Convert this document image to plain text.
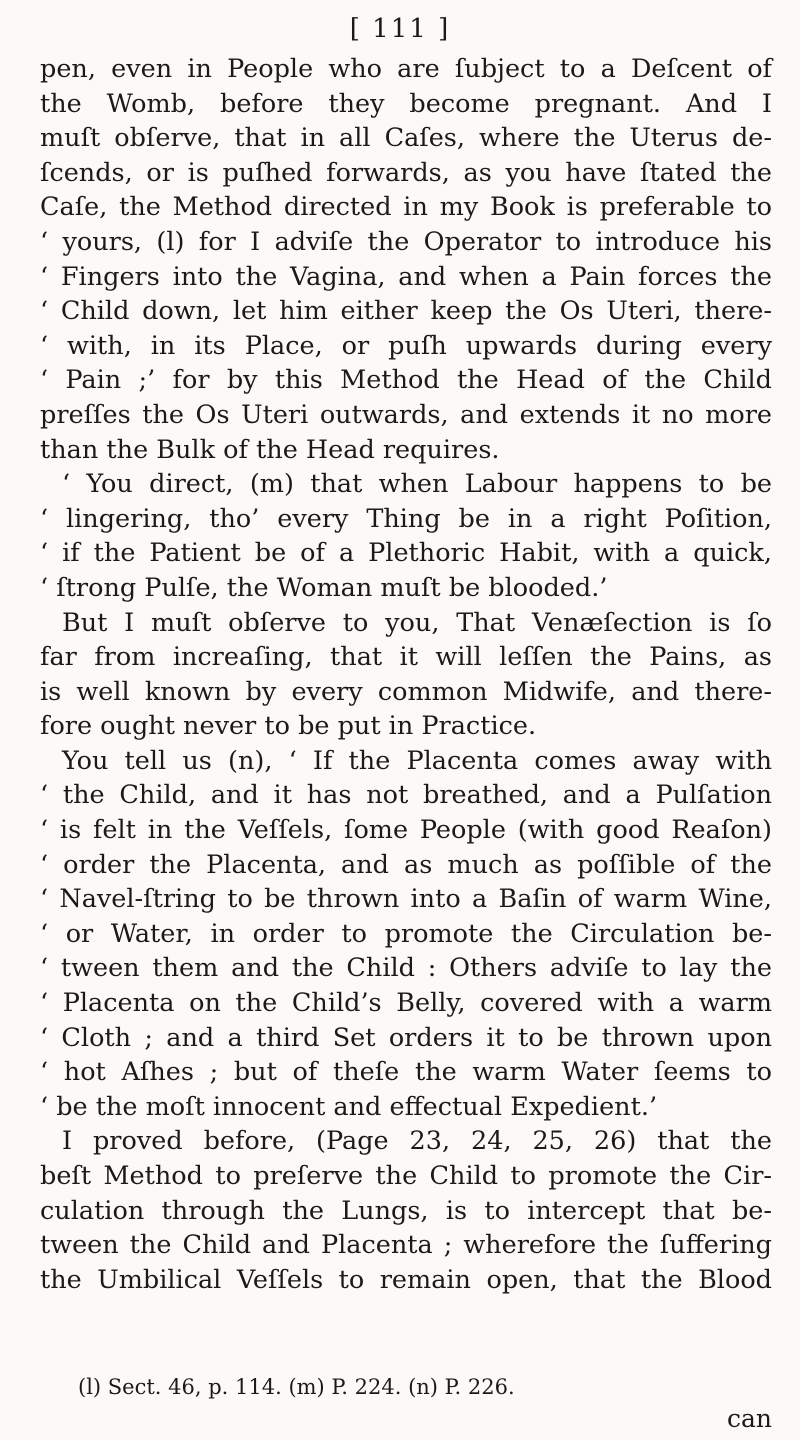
[ 111 ]
pen, even in People who are ſubject to a Deſcent of
the Womb, before they become pregnant. And I
muſt obſerve, that in all Caſes, where the Uterus de-
ſcends, or is puſhed forwards, as you have ſtated the
Caſe, the Method directed in my Book is preferable to
‘ yours, (l) for I adviſe the Operator to introduce his
‘ Fingers into the Vagina, and when a Pain forces the
‘ Child down, let him either keep the Os Uteri, there-
‘ with, in its Place, or puſh upwards during every
‘ Pain ;’ for by this Method the Head of the Child
preſſes the Os Uteri outwards, and extends it no more
than the Bulk of the Head requires.
‘ You direct, (m) that when Labour happens to be
‘ lingering, tho’ every Thing be in a right Poſition,
‘ if the Patient be of a Plethoric Habit, with a quick,
‘ ſtrong Pulſe, the Woman muſt be blooded.’
But I muſt obſerve to you, That Venæſection is ſo
far from increaſing, that it will leſſen the Pains, as
is well known by every common Midwife, and there-
fore ought never to be put in Practice.
You tell us (n), ‘ If the Placenta comes away with
‘ the Child, and it has not breathed, and a Pulſation
‘ is felt in the Veſſels, ſome People (with good Reaſon)
‘ order the Placenta, and as much as poſſible of the
‘ Navel-ſtring to be thrown into a Baſin of warm Wine,
‘ or Water, in order to promote the Circulation be-
‘ tween them and the Child : Others adviſe to lay the
‘ Placenta on the Child’s Belly, covered with a warm
‘ Cloth ; and a third Set orders it to be thrown upon
‘ hot Aſhes ; but of theſe the warm Water ſeems to
‘ be the moſt innocent and effectual Expedient.’
I proved before, (Page 23, 24, 25, 26) that the
beſt Method to preſerve the Child to promote the Cir-
culation through the Lungs, is to intercept that be-
tween the Child and Placenta ; wherefore the ſuffering
the Umbilical Veſſels to remain open, that the Blood
(l) Sect. 46, p. 114. (m) P. 224. (n) P. 226.
can
